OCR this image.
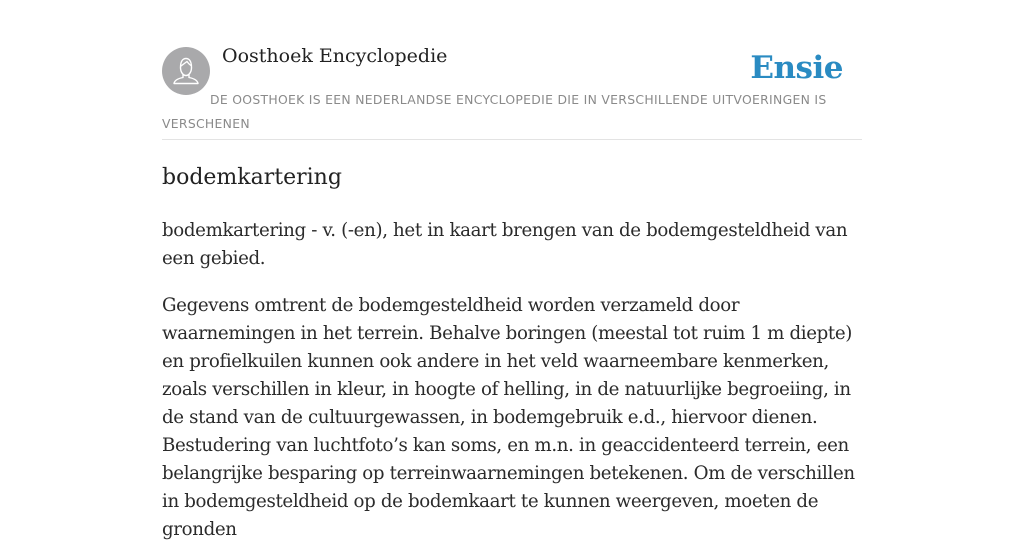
Oosthoek Encyclopedie	Ensie
DE OOSTHOEK IS EEN NEDERLANDSE ENCYCLOPEDIE DIE IN VERSCHILLENDE UITVOERINGEN IS VERSCHENEN
bodemkartering

bodemkartering - v. (-en), het in kaart brengen van de bodemgesteldheid van een gebied.

Gegevens omtrent de bodemgesteldheid worden verzameld door waarnemingen in het terrein. Behalve boringen (meestal tot ruim 1 m diepte) en profielkuilen kunnen ook andere in het veld waarneembare kenmerken, zoals verschillen in kleur, in hoogte of helling, in de natuurlijke begroeiing, in de stand van de cultuurgewassen, in bodemgebruik e.d., hiervoor dienen. Bestudering van luchtfoto’s kan soms, en m.n. in geaccidenteerd terrein, een belangrijke besparing op terreinwaarnemingen betekenen. Om de verschillen in bodemgesteldheid op de bodemkaart te kunnen weergeven, moeten de gronden
